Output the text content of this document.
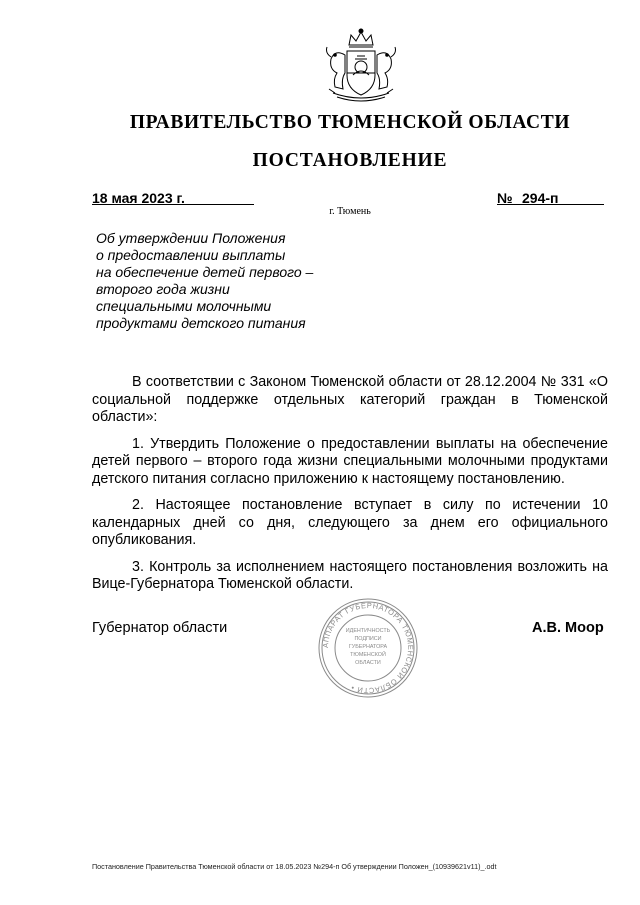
ПРАВИТЕЛЬСТВО ТЮМЕНСКОЙ ОБЛАСТИ
ПОСТАНОВЛЕНИЕ
18 мая 2023 г.	№ 294-п
г. Тюмень
Об утверждении Положения
о предоставлении выплаты
на обеспечение детей первого –
второго года жизни
специальными молочными
продуктами детского питания

В соответствии с Законом Тюменской области от 28.12.2004 № 331 «О социальной поддержке отдельных категорий граждан в Тюменской области»:

1. Утвердить Положение о предоставлении выплаты на обеспечение детей первого – второго года жизни специальными молочными продуктами детского питания согласно приложению к настоящему постановлению.

2. Настоящее постановление вступает в силу по истечении 10 календарных дней со дня, следующего за днем его официального опубликования.

3. Контроль за исполнением настоящего постановления возложить на Вице-Губернатора Тюменской области.

АППАРАТ ГУБЕРНАТОРА ТЮМЕНСКОЙ ОБЛАСТИ •
ИДЕНТИЧНОСТЬ
ПОДПИСИ
ГУБЕРНАТОРА
ТЮМЕНСКОЙ
ОБЛАСТИ
Губернатор области	А.В. Моор
Постановление Правительства Тюменской области от 18.05.2023 №294-п Об утверждении Положен_(10939621v11)_.odt
